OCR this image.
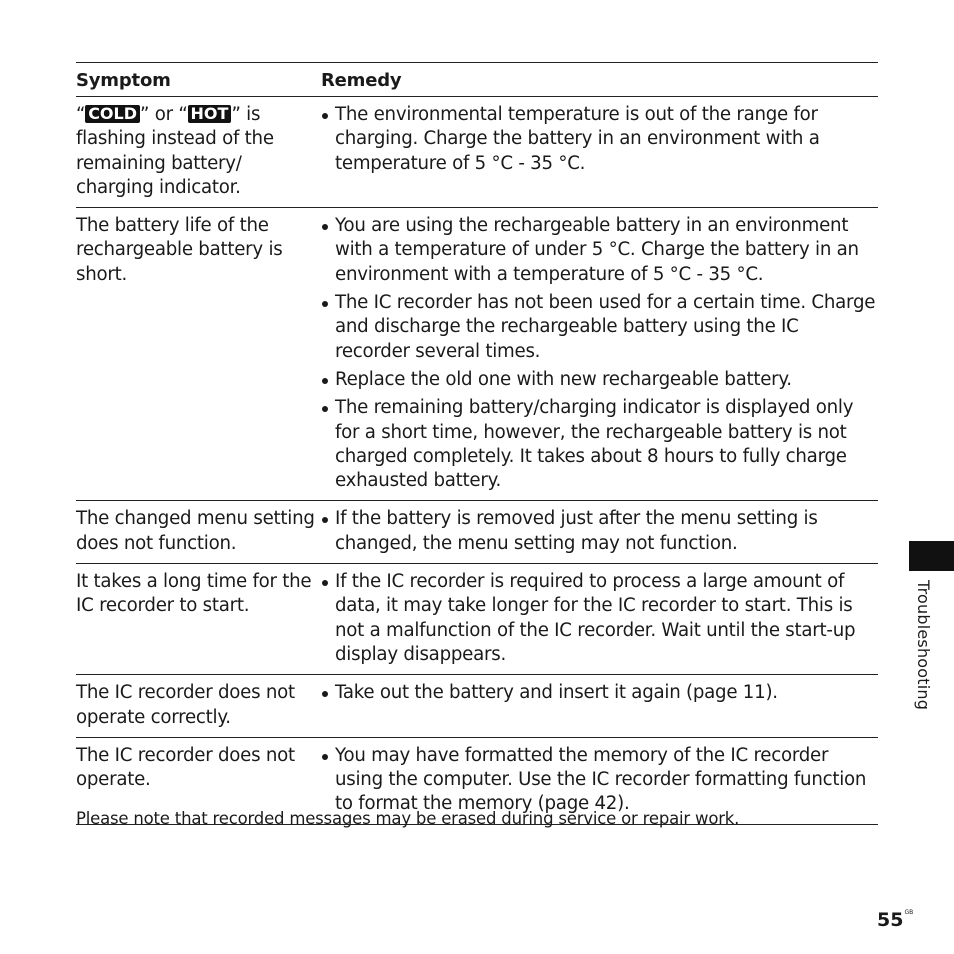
Symptom	Remedy
“ COLD ” or “ HOT ” is flashing instead of the remaining battery/ charging indicator.
The environmental temperature is out of the range for charging. Charge the battery in an environment with a temperature of 5 °C - 35 °C.
The battery life of the rechargeable battery is short.
You are using the rechargeable battery in an environment with a temperature of under 5 °C. Charge the battery in an environment with a temperature of 5 °C - 35 °C.
The IC recorder has not been used for a certain time. Charge and discharge the rechargeable battery using the IC recorder several times.
Replace the old one with new rechargeable battery.
The remaining battery/charging indicator is displayed only for a short time, however, the rechargeable battery is not charged completely. It takes about 8 hours to fully charge exhausted battery.
The changed menu setting does not function.
If the battery is removed just after the menu setting is changed, the menu setting may not function.
It takes a long time for the IC recorder to start.
If the IC recorder is required to process a large amount of data, it may take longer for the IC recorder to start. This is not a malfunction of the IC recorder. Wait until the start-up display disappears.
The IC recorder does not operate correctly.
Take out the battery and insert it again (page 11).
The IC recorder does not operate.
You may have formatted the memory of the IC recorder using the computer. Use the IC recorder formatting function to format the memory (page 42).
Please note that recorded messages may be erased during service or repair work.
Troubleshooting
$55^{GB}$
